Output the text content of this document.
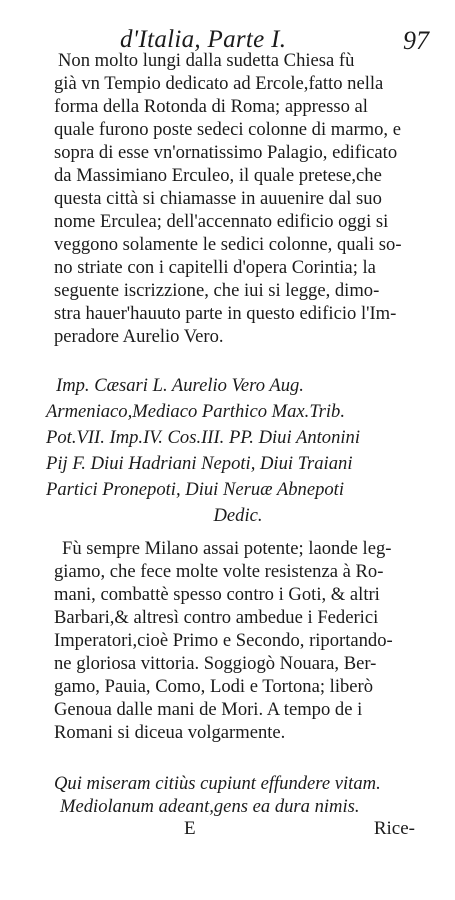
d'Italia, Parte I.	97
Non molto lungi dalla sudetta Chiesa fù
già vn Tempio dedicato ad Ercole,fatto nella
forma della Rotonda di Roma; appresso al
quale furono poste sedeci colonne di marmo, e
sopra di esse vn'ornatissimo Palagio, edificato
da Massimiano Erculeo, il quale pretese,che
questa città si chiamasse in auuenire dal suo
nome Erculea; dell'accennato edificio oggi si
veggono solamente le sedici colonne, quali so-
no striate con i capitelli d'opera Corintia; la
seguente iscrizzione, che iui si legge, dimo-
stra hauer'hauuto parte in questo edificio l'Im-
peradore Aurelio Vero.
Imp. Cæsari L. Aurelio Vero Aug.
Armeniaco,Mediaco Parthico Max.Trib.
Pot.VII. Imp.IV. Cos.III. PP. Diui Antonini
Pij F. Diui Hadriani Nepoti, Diui Traiani
Partici Pronepoti, Diui Neruæ Abnepoti
Dedic.
Fù sempre Milano assai potente; laonde leg-
giamo, che fece molte volte resistenza à Ro-
mani, combattè spesso contro i Goti, & altri
Barbari,& altresì contro ambedue i Federici
Imperatori,cioè Primo e Secondo, riportando-
ne gloriosa vittoria. Soggiogò Nouara, Ber-
gamo, Pauia, Como, Lodi e Tortona; liberò
Genoua dalle mani de Mori. A tempo de i
Romani si diceua volgarmente.
Qui miseram citiùs cupiunt effundere vitam.
Mediolanum adeant,gens ea dura nimis.
E	Rice-
